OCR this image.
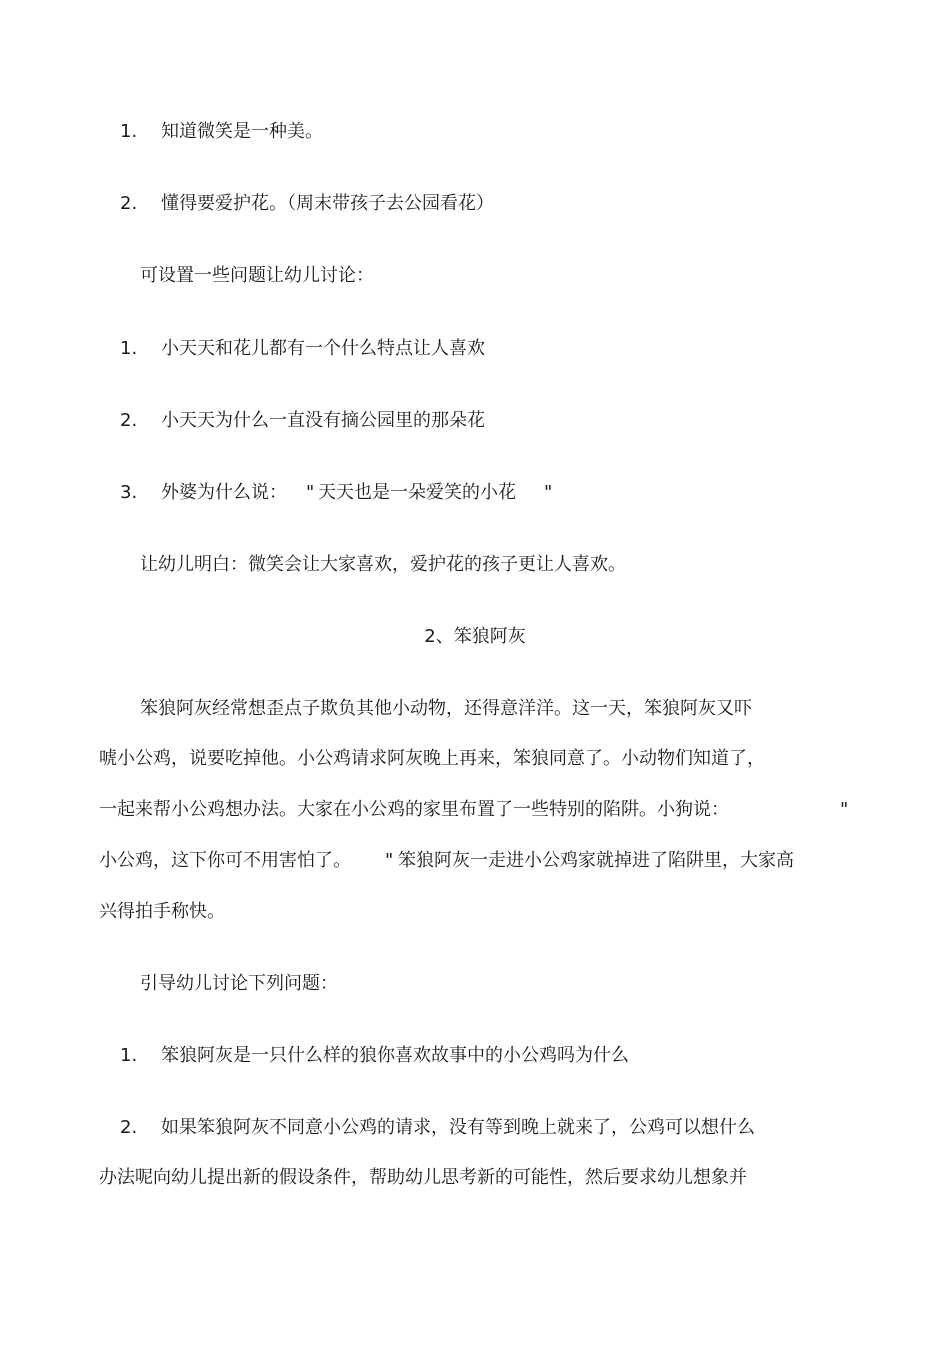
1. 知道微笑是一种美。
2. 懂得要爱护花。（周末带孩子去公园看花）
可设置一些问题让幼儿讨论：
1. 小天天和花儿都有一个什么特点让人喜欢
2. 小天天为什么一直没有摘公园里的那朵花
3. 外婆为什么说： " 天天也是一朵爱笑的小花 "
让幼儿明白：微笑会让大家喜欢，爱护花的孩子更让人喜欢。
2、笨狼阿灰
笨狼阿灰经常想歪点子欺负其他小动物，还得意洋洋。这一天，笨狼阿灰又吓
唬小公鸡，说要吃掉他。小公鸡请求阿灰晚上再来，笨狼同意了。小动物们知道了，
一起来帮小公鸡想办法。大家在小公鸡的家里布置了一些特别的陷阱。小狗说：	"
小公鸡，这下你可不用害怕了。 " 笨狼阿灰一走进小公鸡家就掉进了陷阱里，大家高
兴得拍手称快。
引导幼儿讨论下列问题：
1. 笨狼阿灰是一只什么样的狼你喜欢故事中的小公鸡吗为什么
2. 如果笨狼阿灰不同意小公鸡的请求，没有等到晚上就来了，公鸡可以想什么
办法呢向幼儿提出新的假设条件，帮助幼儿思考新的可能性，然后要求幼儿想象并
